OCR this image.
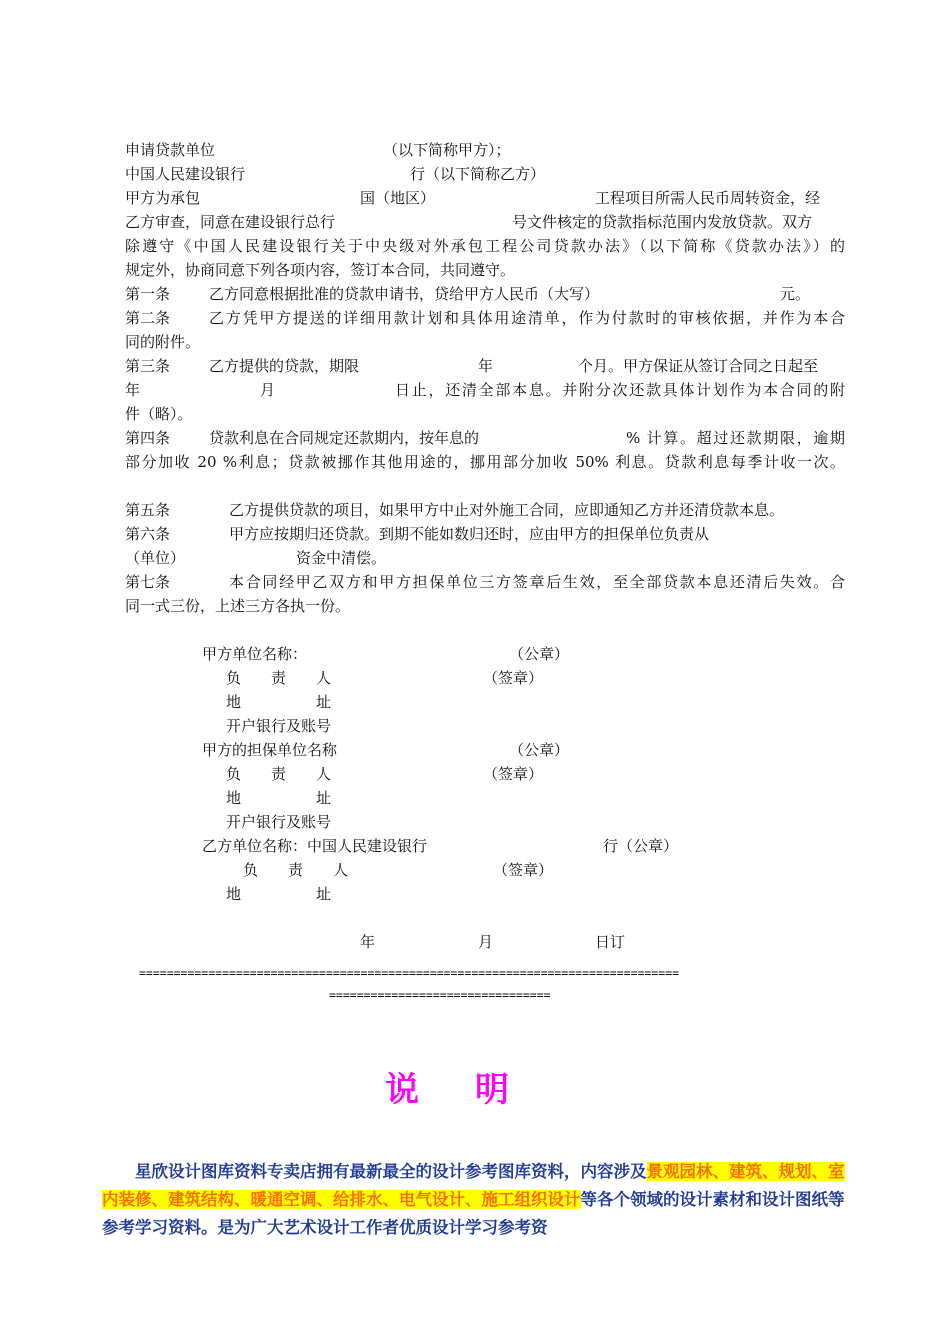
申请贷款单位	（以下简称甲方）；
中国人民建设银行	行（以下简称乙方）
甲方为承包	国（地区）	工程项目所需人民币周转资金，经
乙方审查，同意在建设银行总行	号文件核定的贷款指标范围内发放贷款。双方
除遵守《中国人民建设银行关于中央级对外承包工程公司贷款办法》（以下简称《贷款办法》）的
规定外，协商同意下列各项内容，签订本合同，共同遵守。
第一条	乙方同意根据批准的贷款申请书，贷给甲方人民币（大写）	元。
第二条	乙方凭甲方提送的详细用款计划和具体用途清单，作为付款时的审核依据，并作为本合
同的附件。
第三条	乙方提供的贷款，期限	年	个月。甲方保证从签订合同之日起至
年	月	日止，还清全部本息。并附分次还款具体计划作为本合同的附
件（略）。
第四条	贷款利息在合同规定还款期内，按年息的	% 计算。超过还款期限，逾期
部分加收 20 %利息；贷款被挪作其他用途的，挪用部分加收 50% 利息。贷款利息每季计收一次。
第五条	乙方提供贷款的项目，如果甲方中止对外施工合同，应即通知乙方并还清贷款本息。
第六条	甲方应按期归还贷款。到期不能如数归还时，应由甲方的担保单位负责从
（单位）	资金中清偿。
第七条	本合同经甲乙双方和甲方担保单位三方签章后生效，至全部贷款本息还清后失效。合
同一式三份，上述三方各执一份。
甲方单位名称：	（公章）
负　　责　　人	（签章）
地　　　　　址
开户银行及账号
甲方的担保单位名称	（公章）
负　　责　　人	（签章）
地　　　　　址
开户银行及账号
乙方单位名称：中国人民建设银行	行（公章）
负　　责　　人	（签章）
地　　　　　址
年	月	日订
==============================================================================
================================
说明
星欣设计图库资料专卖店拥有最新最全的设计参考图库资料，内容涉及景观园林、建筑、规划、室内装修、建筑结构、暖通空调、给排水、电气设计、施工组织设计等各个领域的设计素材和设计图纸等参考学习资料。是为广大艺术设计工作者优质设计学习参考资
